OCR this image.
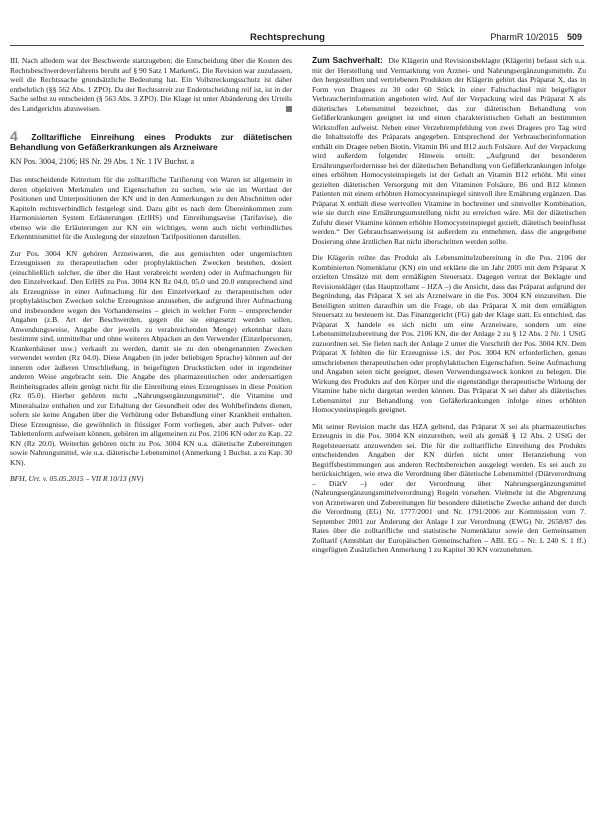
Rechtsprechung	PharmR 10/2015 509

III. Nach alledem war der Beschwerde stattzugeben; die Entscheidung über die Kosten des Rechtsbeschwerdeverfahrens beruht auf § 90 Satz 1 MarkenG. Die Revision war zuzulassen, weil die Rechtssache grundsätzliche Bedeutung hat. Ein Vollstreckungsschutz ist daher entbehrlich (§§ 562 Abs. 1 ZPO). Da der Rechtsstreit zur Endentscheidung reif ist, ist in der Sache selbst zu entscheiden (§ 563 Abs. 3 ZPO). Die Klage ist unter Abänderung des Urteils des Landgerichts abzuweisen.

4 Zolltarifliche Einreihung eines Produkts zur diätetischen Behandlung von Gefäßerkrankungen als Arzneiware
KN Pos. 3004, 2106; HS Nr. 29 Abs. 1 Nr. 1 IV Buchst. a

Das entscheidende Kriterium für die zolltarifliche Tarifierung von Waren ist allgemein in deren objektiven Merkmalen und Eigenschaften zu suchen, wie sie im Wortlaut der Positionen und Unterpositionen der KN und in den Anmerkungen zu den Abschnitten oder Kapiteln rechtsverbindlich festgelegt sind. Dazu gibt es nach dem Übereinkommen zum Harmonisierten System Erläuterungen (ErlHS) und Einreihungsavise (Tarifavise), die ebenso wie die Erläuterungen zur KN ein wichtiges, wenn auch nicht verbindliches Erkenntnismittel für die Auslegung der einzelnen Tarifpositionen darstellen.

Zur Pos. 3004 KN gehören Arzneiwaren, die aus gemischten oder ungemischten Erzeugnissen zu therapeutischen oder prophylaktischen Zwecken bestehen, dosiert (einschließlich solcher, die über die Haut verabreicht werden) oder in Aufmachungen für den Einzelverkauf. Den ErlHS zu Pos. 3004 KN Rz 04.0, 05.0 und 20.0 entsprechend sind als Erzeugnisse in einer Aufmachung für den Einzelverkauf zu therapeutischen oder prophylaktischen Zwecken solche Erzeugnisse anzusehen, die aufgrund ihrer Aufmachung und insbesondere wegen des Vorhandenseins – gleich in welcher Form – entsprechender Angaben (z.B. Art der Beschwerden, gegen die sie eingesetzt werden sollen, Anwendungsweise, Angabe der jeweils zu verabreichenden Menge) erkennbar dazu bestimmt sind, unmittelbar und ohne weiteres Abpacken an den Verwender (Einzelpersonen, Krankenhäuser usw.) verkauft zu werden, damit sie zu den obengenannten Zwecken verwendet werden (Rz 04.0). Diese Angaben (in jeder beliebigen Sprache) können auf der inneren oder äußeren Umschließung, in beigefügten Druckstücken oder in irgendeiner anderen Weise angebracht sein. Die Angabe des pharmazeutischen oder andersartigen Reinheitsgrades allein genügt nicht für die Einreihung eines Erzeugnisses in diese Position (Rz 05.0). Hierher gehören nicht „Nahrungsergänzungsmittel“, die Vitamine und Mineralsalze enthalten und zur Erhaltung der Gesundheit oder des Wohlbefindens dienen, sofern sie keine Angaben über die Verhütung oder Behandlung einer Krankheit enthalten. Diese Erzeugnisse, die gewöhnlich in flüssiger Form vorliegen, aber auch Pulver- oder Tablettenform aufweisen können, gehören im allgemeinen zu Pos. 2106 KN oder zu Kap. 22 KN (Rz 20.0). Weiterhin gehören nicht zu Pos. 3004 KN u.a. diätetische Zubereitungen sowie Nahrungsmittel, wie u.a. diätetische Lebensmittel (Anmerkung 1 Buchst. a zu Kap. 30 KN).

BFH, Urt. v. 05.05.2015 – VII R 10/13 (NV)

Zum Sachverhalt: Die Klägerin und Revisionsbeklagte (Klägerin) befasst sich u.a. mit der Herstellung und Vermarktung von Arznei- und Nahrungsergänzungsmitteln. Zu den hergestellten und vertriebenen Produkten der Klägerin gehört das Präparat X, das in Form von Dragees zu 30 oder 60 Stück in einer Faltschachtel mit beigefügter Verbraucherinformation angeboten wird. Auf der Verpackung wird das Präparat X als diätetisches Lebensmittel bezeichnet, das zur diätetischen Behandlung von Gefäßerkrankungen geeignet ist und einen charakteristischen Gehalt an bestimmten Wirkstoffen aufweist. Neben einer Verzehrempfehlung von zwei Dragees pro Tag wird die Inhaltsstoffe des Präparats angegeben. Entsprechend der Verbraucherinformation enthält ein Dragee neben Biotin, Vitamin B6 und B12 auch Folsäure. Auf der Verpackung wird außerdem folgender Hinweis erteilt: „Aufgrund der besonderen Ernährungserfordernisse bei der diätetischen Behandlung von Gefäßerkrankungen infolge eines erhöhten Homocysteinspiegels ist der Gehalt an Vitamin B12 erhöht. Mit einer gezielten diätetischen Versorgung mit den Vitaminen Folsäure, B6 und B12 können Patienten mit einem erhöhten Homocysteinspiegel sinnvoll ihre Ernährung ergänzen. Das Präparat X enthält diese wertvollen Vitamine in hochreiner und sinnvoller Kombination, wie sie durch eine Ernährungsumstellung nicht zu erreichen wäre. Mit der diätetischen Zufuhr dieser Vitamine können erhöhte Homocysteinspiegel gezielt, diätetisch beeinflusst werden.“ Der Gebrauchsanweisung ist außerdem zu entnehmen, dass die angegebene Dosierung ohne ärztlichen Rat nicht überschritten werden sollte.

Die Klägerin reihte das Produkt als Lebensmittelzubereitung in die Pos. 2106 der Kombinierten Nomenklatur (KN) ein und erklärte die im Jahr 2005 mit dem Präparat X erzielten Umsätze mit dem ermäßigten Steuersatz. Dagegen vertrat der Beklagte und Revisionskläger (das Hauptzollamt – HZA –) die Ansicht, dass das Präparat aufgrund der Begründung, das Präparat X sei als Arzneiware in die Pos. 3004 KN einzureihen. Die Beteiligten stritten daraufhin um die Frage, ob das Präparat X mit dem ermäßigten Steuersatz zu besteuern ist. Das Finanzgericht (FG) gab der Klage statt. Es entschied, das Präparat X handele es sich nicht um eine Arzneiware, sondern um eine Lebensmittelzubereitung der Pos. 2106 KN, die der Anlage 2 zu § 12 Abs. 2 Nr. 1 UStG zuzuordnen sei. Sie fielen nach der Anlage 2 unter die Vorschrift der Pos. 3004 KN. Dem Präparat X fehlten die für Erzeugnisse i.S. der Pos. 3004 KN erforderlichen, genau umschriebenen therapeutischen oder prophylaktischen Eigenschaften. Seine Aufmachung und Angaben seien nicht geeignet, diesen Verwendungszweck konkret zu belegen. Die Wirkung des Produkts auf den Körper und die eigenständige therapeutische Wirkung der Vitamine habe nicht dargetan werden können. Das Präparat X sei daher als diätetisches Lebensmittel zur Behandlung von Gefäßerkrankungen infolge eines erhöhten Homocysteinspiegels geeignet.

Mit seiner Revision macht das HZA geltend, das Präparat X sei als pharmazeutisches Erzeugnis in die Pos. 3004 KN einzureihen, weil als gemäß § 12 Abs. 2 UStG der Regelsteuersatz anzuwenden sei. Die für die zolltarifliche Einreihung des Produkts entscheidenden Angaben der KN dürfen nicht unter Heranziehung von Begriffsbestimmungen aus anderen Rechtsbereichen ausgelegt werden. Es sei auch zu berücksichtigen, wie etwa die Verordnung über diätetische Lebensmittel (Diätverordnung – DiätV –) oder der Verordnung über Nahrungsergänzungsmittel (Nahrungsergänzungsmittelverordnung) Regeln vorsehen. Vielmehr ist die Abgrenzung von Arzneiwaren und Zubereitungen für besondere diätetische Zwecke anhand der durch die Verordnung (EG) Nr. 1777/2001 und Nr. 1791/2006 zur Kommission vom 7. September 2001 zur Änderung der Anlage I zur Verordnung (EWG) Nr. 2658/87 des Rates über die zolltarifliche und statistische Nomenklatur sowie den Gemeinsamen Zolltarif (Amtsblatt der Europäischen Gemeinschaften – ABl. EG – Nr. L 240 S. 1 ff.) eingefügten Zusätzlichen Anmerkung 1 zu Kapitel 30 KN vorzunehmen.
